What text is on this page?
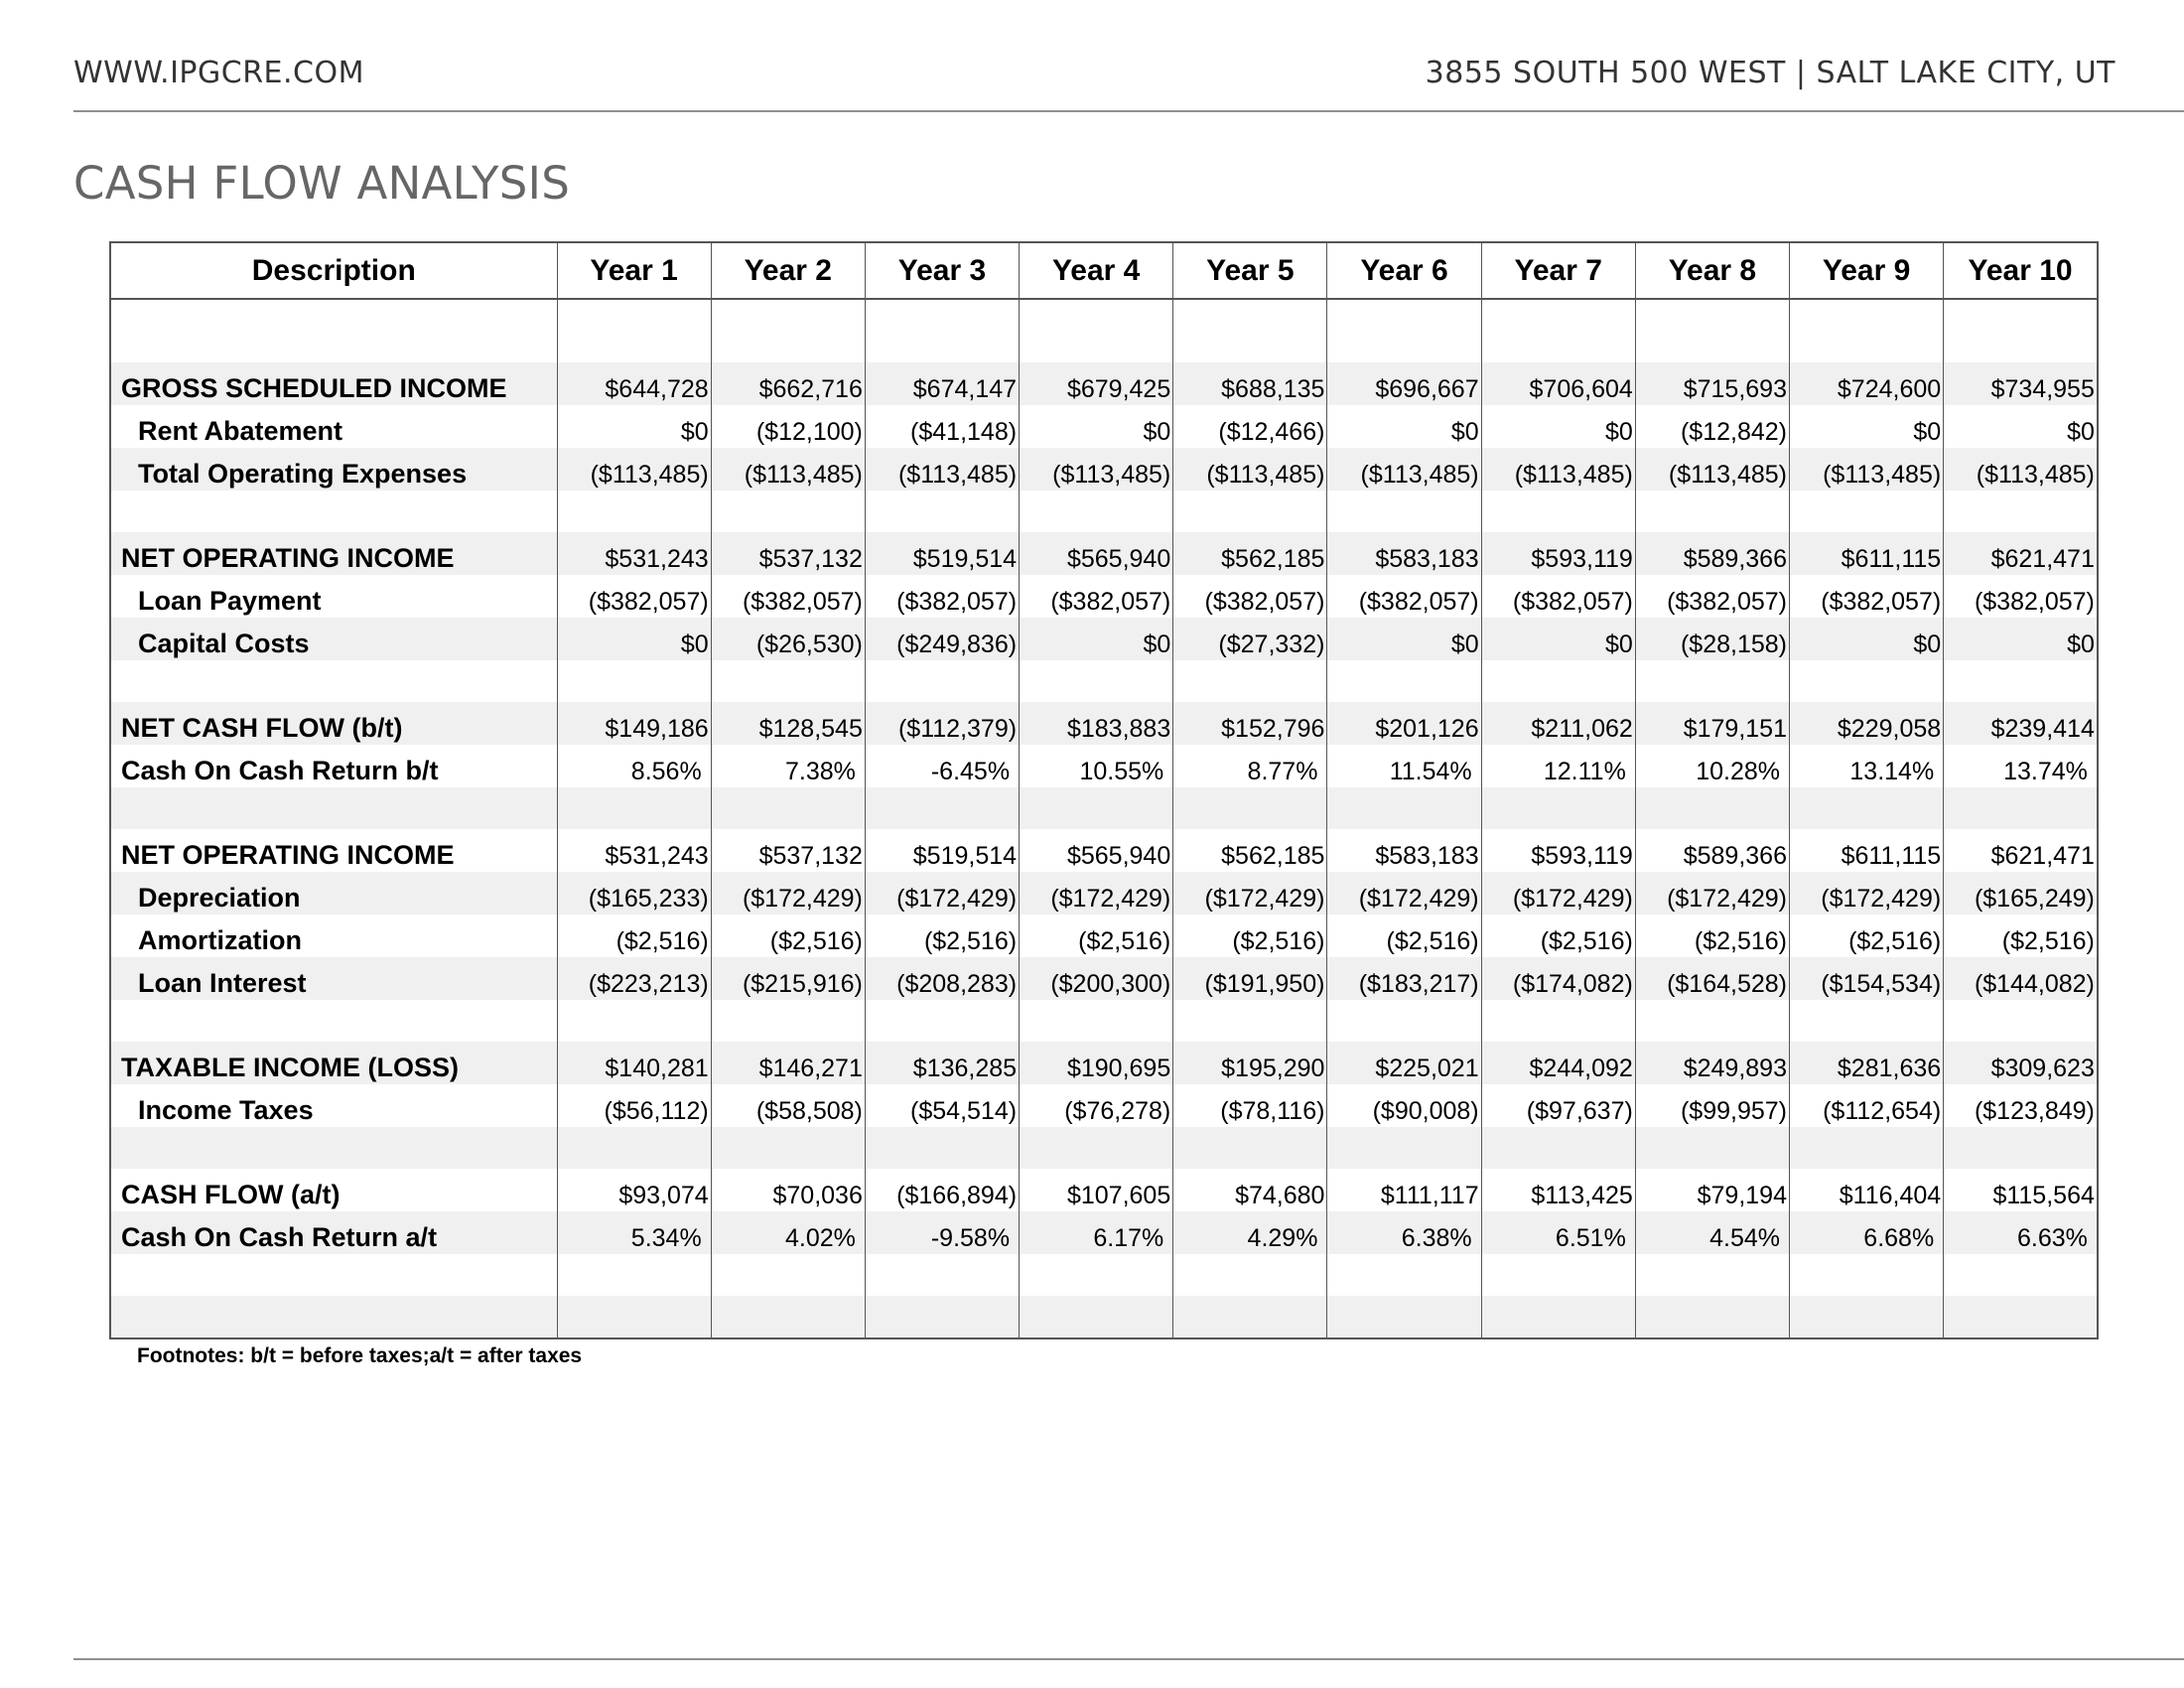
WWW.IPGCRE.COM	3855 SOUTH 500 WEST | SALT LAKE CITY, UT
CASH FLOW ANALYSIS
Description	Year 1	Year 2	Year 3	Year 4	Year 5	Year 6	Year 7	Year 8	Year 9	Year 10

GROSS SCHEDULED INCOME	$644,728	$662,716	$674,147	$679,425	$688,135	$696,667	$706,604	$715,693	$724,600	$734,955
Rent Abatement	$0	($12,100)	($41,148)	$0	($12,466)	$0	$0	($12,842)	$0	$0
Total Operating Expenses	($113,485)	($113,485)	($113,485)	($113,485)	($113,485)	($113,485)	($113,485)	($113,485)	($113,485)	($113,485)

NET OPERATING INCOME	$531,243	$537,132	$519,514	$565,940	$562,185	$583,183	$593,119	$589,366	$611,115	$621,471
Loan Payment	($382,057)	($382,057)	($382,057)	($382,057)	($382,057)	($382,057)	($382,057)	($382,057)	($382,057)	($382,057)
Capital Costs	$0	($26,530)	($249,836)	$0	($27,332)	$0	$0	($28,158)	$0	$0

NET CASH FLOW (b/t)	$149,186	$128,545	($112,379)	$183,883	$152,796	$201,126	$211,062	$179,151	$229,058	$239,414
Cash On Cash Return b/t	8.56%	7.38%	-6.45%	10.55%	8.77%	11.54%	12.11%	10.28%	13.14%	13.74%

NET OPERATING INCOME	$531,243	$537,132	$519,514	$565,940	$562,185	$583,183	$593,119	$589,366	$611,115	$621,471
Depreciation	($165,233)	($172,429)	($172,429)	($172,429)	($172,429)	($172,429)	($172,429)	($172,429)	($172,429)	($165,249)
Amortization	($2,516)	($2,516)	($2,516)	($2,516)	($2,516)	($2,516)	($2,516)	($2,516)	($2,516)	($2,516)
Loan Interest	($223,213)	($215,916)	($208,283)	($200,300)	($191,950)	($183,217)	($174,082)	($164,528)	($154,534)	($144,082)

TAXABLE INCOME (LOSS)	$140,281	$146,271	$136,285	$190,695	$195,290	$225,021	$244,092	$249,893	$281,636	$309,623
Income Taxes	($56,112)	($58,508)	($54,514)	($76,278)	($78,116)	($90,008)	($97,637)	($99,957)	($112,654)	($123,849)

CASH FLOW (a/t)	$93,074	$70,036	($166,894)	$107,605	$74,680	$111,117	$113,425	$79,194	$116,404	$115,564
Cash On Cash Return a/t	5.34%	4.02%	-9.58%	6.17%	4.29%	6.38%	6.51%	4.54%	6.68%	6.63%

Footnotes: b/t = before taxes;a/t = after taxes
